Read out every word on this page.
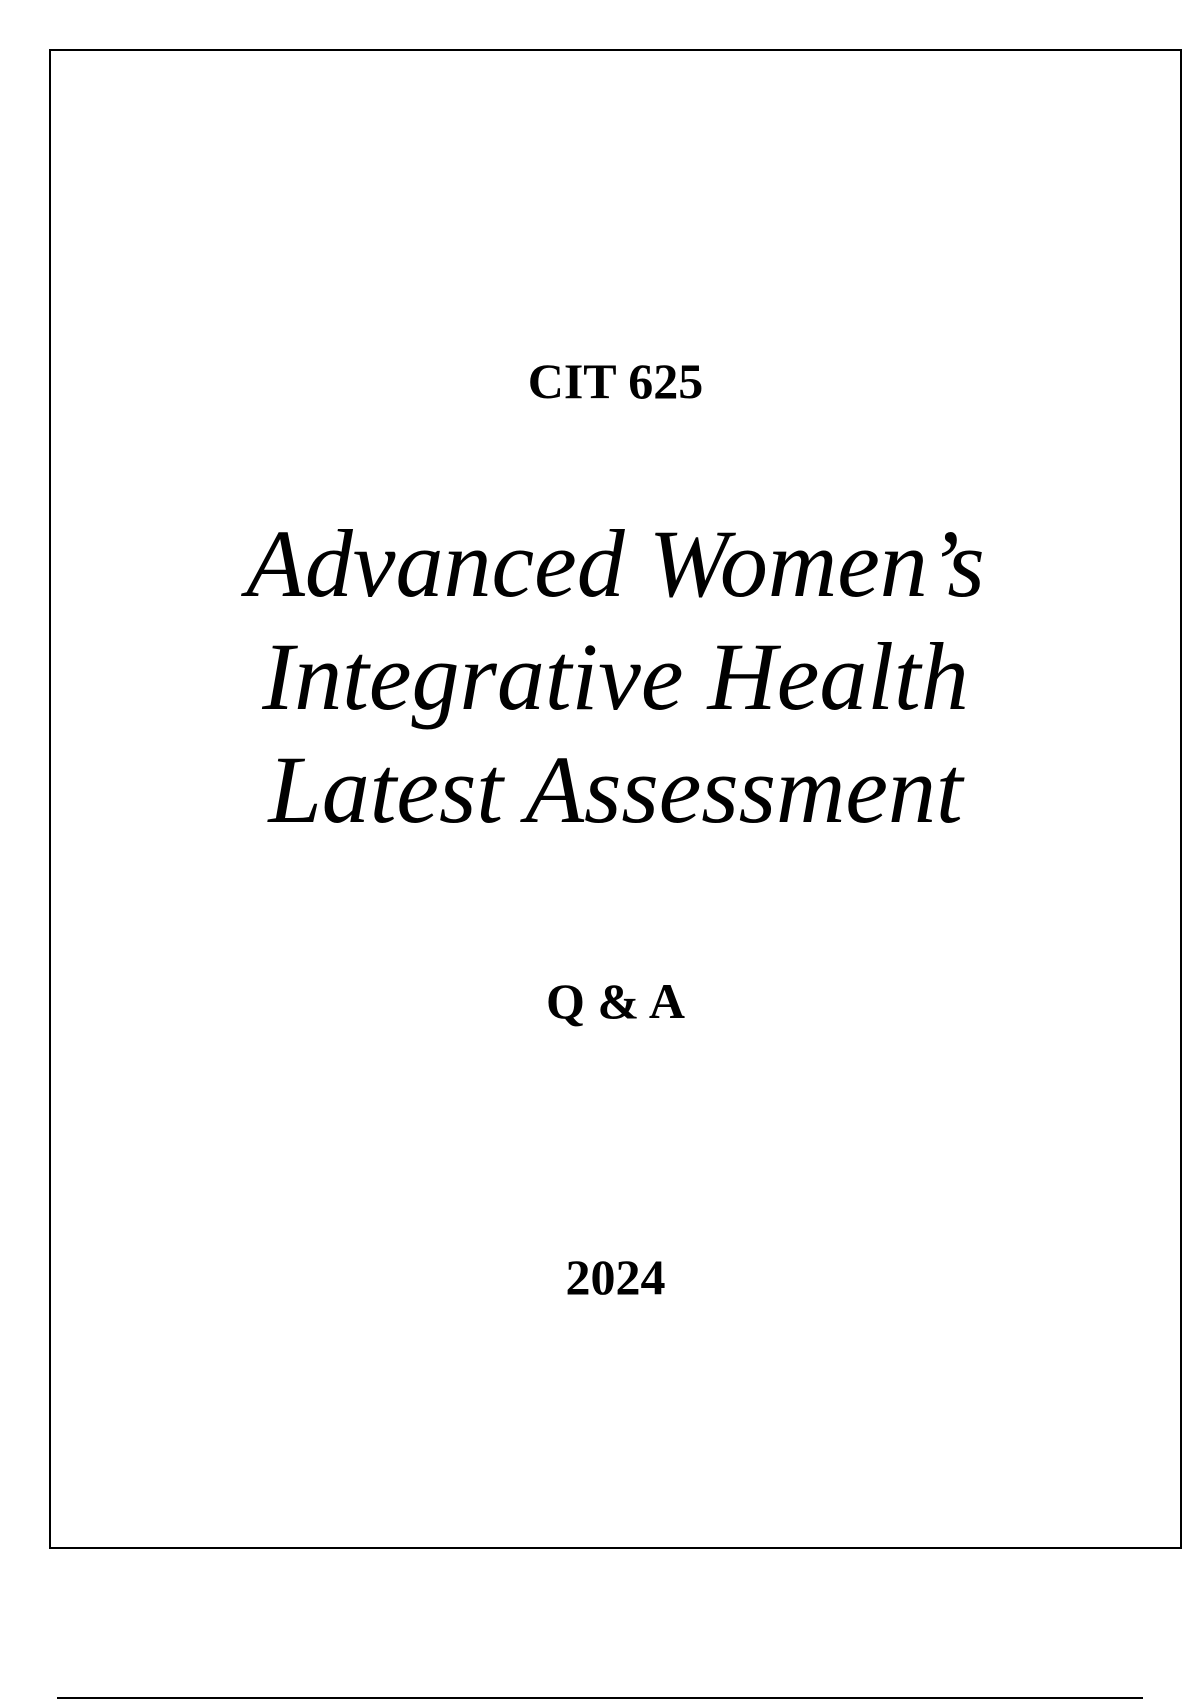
CIT 625
Advanced Women’s
Integrative Health
Latest Assessment
Q & A
2024
